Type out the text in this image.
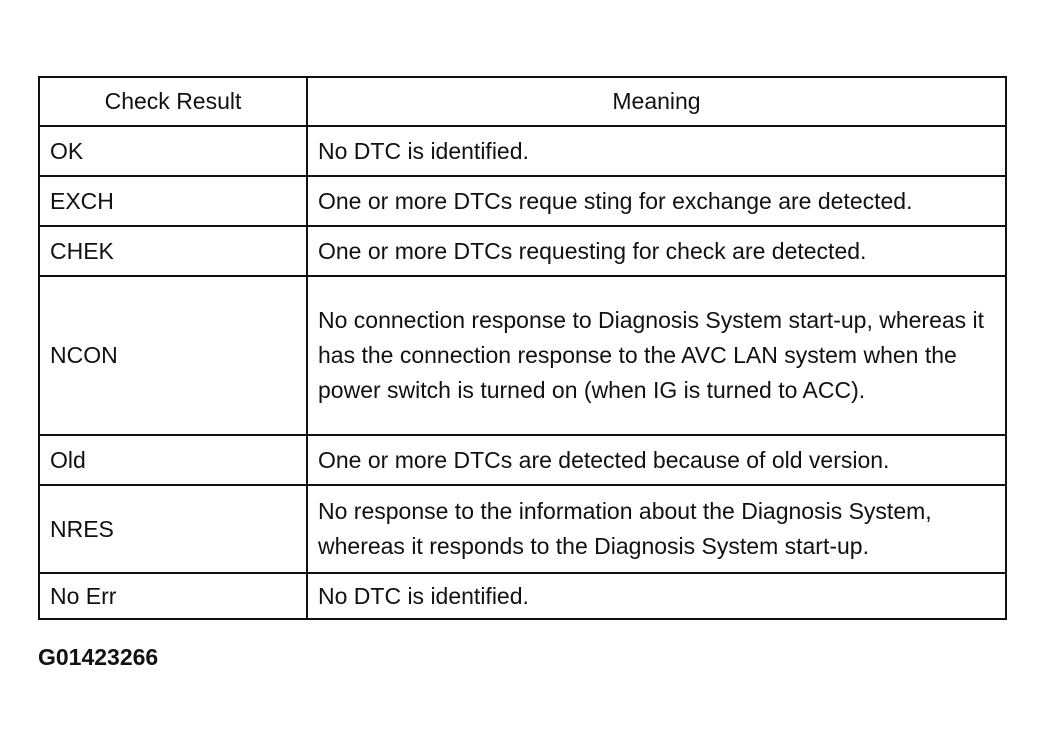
Check Result	Meaning
OK	No DTC is identified.
EXCH	One or more DTCs reque sting for exchange are detected.
CHEK	One or more DTCs requesting for check are detected.
NCON	No connection response to Diagnosis System start-up, whereas it has the connection response to the AVC LAN system when the power switch is turned on (when IG is turned to ACC).
Old	One or more DTCs are detected because of old version.
NRES	No response to the information about the Diagnosis System, whereas it responds to the Diagnosis System start-up.
No Err	No DTC is identified.
G01423266
